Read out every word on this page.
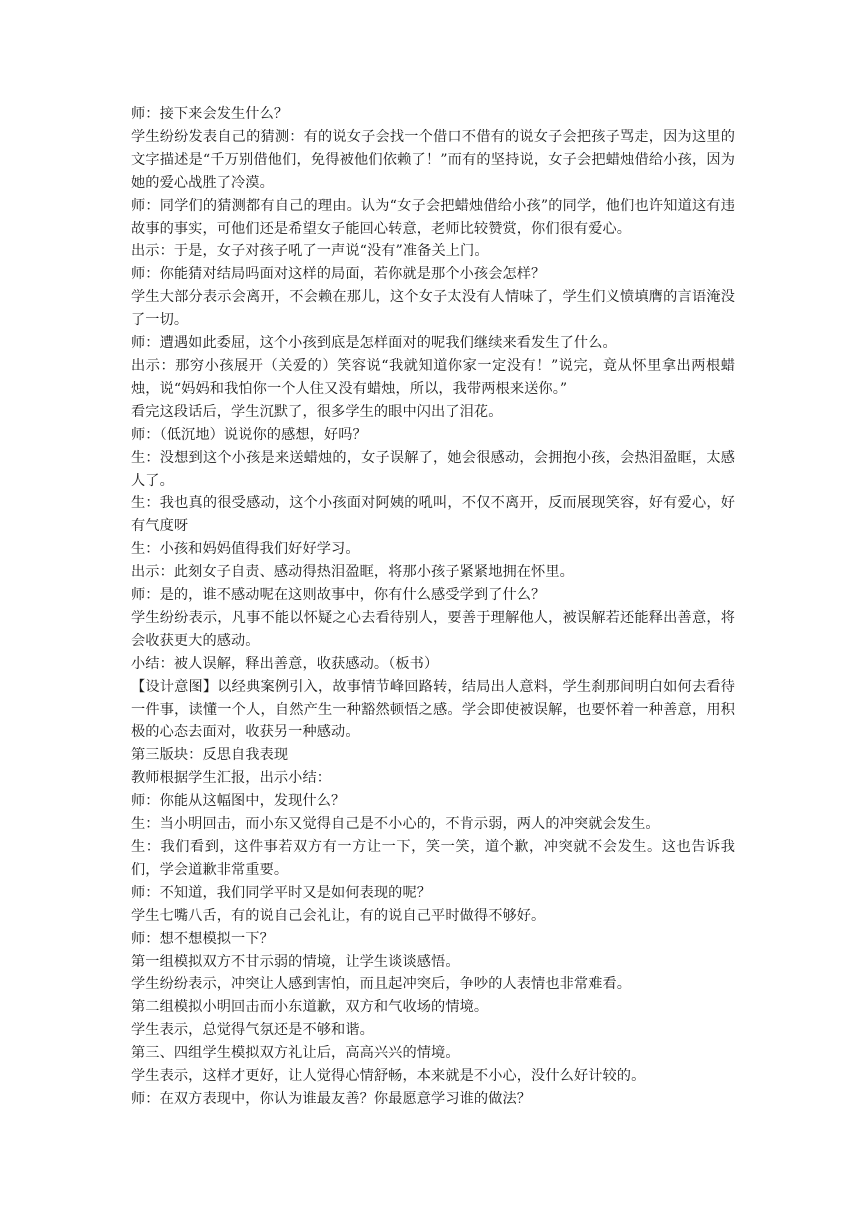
师：接下来会发生什么？

学生纷纷发表自己的猜测：有的说女子会找一个借口不借有的说女子会把孩子骂走，因为这里的文字描述是“千万别借他们，免得被他们依赖了！”而有的坚持说，女子会把蜡烛借给小孩，因为她的爱心战胜了冷漠。

师：同学们的猜测都有自己的理由。认为“女子会把蜡烛借给小孩”的同学，他们也许知道这有违故事的事实，可他们还是希望女子能回心转意，老师比较赞赏，你们很有爱心。

出示：于是，女子对孩子吼了一声说“没有”准备关上门。

师：你能猜对结局吗面对这样的局面，若你就是那个小孩会怎样？

学生大部分表示会离开，不会赖在那儿，这个女子太没有人情味了，学生们义愤填膺的言语淹没了一切。

师：遭遇如此委屈，这个小孩到底是怎样面对的呢我们继续来看发生了什么。

出示：那穷小孩展开（关爱的）笑容说“我就知道你家一定没有！”说完，竟从怀里拿出两根蜡烛，说“妈妈和我怕你一个人住又没有蜡烛，所以，我带两根来送你。”

看完这段话后，学生沉默了，很多学生的眼中闪出了泪花。

师：（低沉地）说说你的感想，好吗？

生：没想到这个小孩是来送蜡烛的，女子误解了，她会很感动，会拥抱小孩，会热泪盈眶，太感人了。

生：我也真的很受感动，这个小孩面对阿姨的吼叫，不仅不离开，反而展现笑容，好有爱心，好有气度呀

生：小孩和妈妈值得我们好好学习。

出示：此刻女子自责、感动得热泪盈眶，将那小孩子紧紧地拥在怀里。

师：是的，谁不感动呢在这则故事中，你有什么感受学到了什么？

学生纷纷表示，凡事不能以怀疑之心去看待别人，要善于理解他人，被误解若还能释出善意，将会收获更大的感动。

小结：被人误解，释出善意，收获感动。（板书）

【设计意图】以经典案例引入，故事情节峰回路转，结局出人意料，学生刹那间明白如何去看待一件事，读懂一个人，自然产生一种豁然顿悟之感。学会即使被误解，也要怀着一种善意，用积极的心态去面对，收获另一种感动。

第三版块：反思自我表现

教师根据学生汇报，出示小结：

师：你能从这幅图中，发现什么？

生：当小明回击，而小东又觉得自己是不小心的，不肯示弱，两人的冲突就会发生。

生：我们看到，这件事若双方有一方让一下，笑一笑，道个歉，冲突就不会发生。这也告诉我们，学会道歉非常重要。

师：不知道，我们同学平时又是如何表现的呢？

学生七嘴八舌，有的说自己会礼让，有的说自己平时做得不够好。

师：想不想模拟一下？

第一组模拟双方不甘示弱的情境，让学生谈谈感悟。

学生纷纷表示，冲突让人感到害怕，而且起冲突后，争吵的人表情也非常难看。

第二组模拟小明回击而小东道歉，双方和气收场的情境。

学生表示，总觉得气氛还是不够和谐。

第三、四组学生模拟双方礼让后，高高兴兴的情境。

学生表示，这样才更好，让人觉得心情舒畅，本来就是不小心，没什么好计较的。

师：在双方表现中，你认为谁最友善？你最愿意学习谁的做法？
